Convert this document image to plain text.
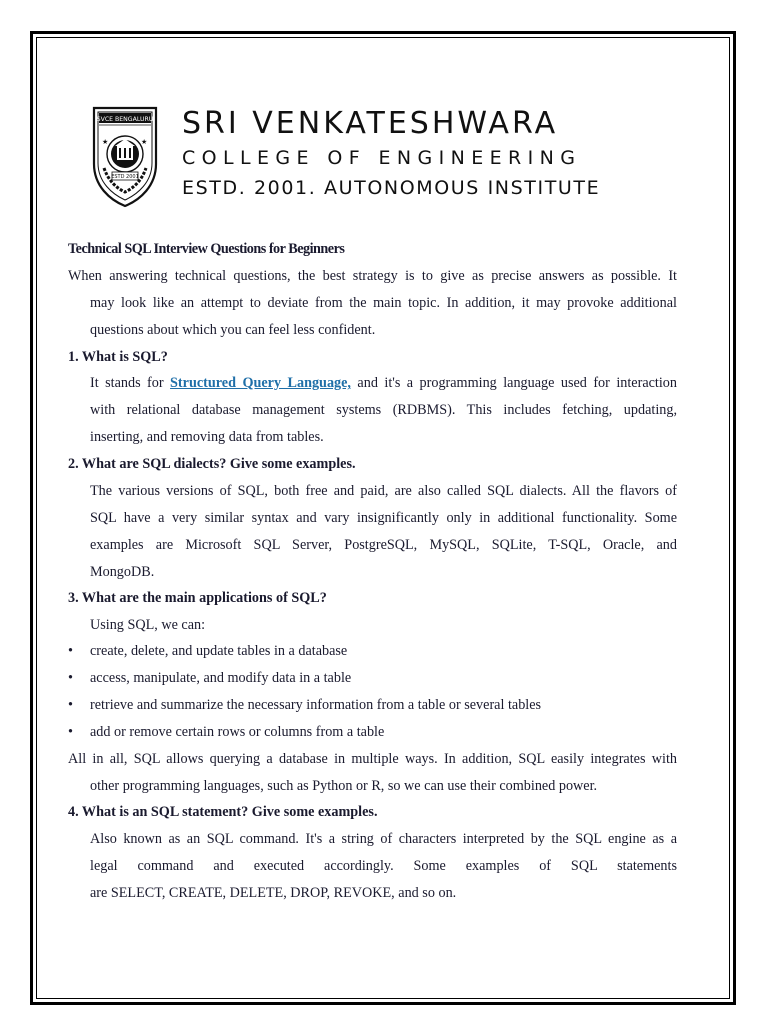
SVCE BENGALURU
★	★
ESTD 2001
SRI VENKATESHWARA
COLLEGE OF ENGINEERING
ESTD. 2001. AUTONOMOUS INSTITUTE
Technical SQL Interview Questions for Beginners
When answering technical questions, the best strategy is to give as precise answers as possible. It
may look like an attempt to deviate from the main topic. In addition, it may provoke additional
questions about which you can feel less confident.
1. What is SQL?
It stands for Structured Query Language, and it's a programming language used for interaction
with relational database management systems (RDBMS). This includes fetching, updating,
inserting, and removing data from tables.
2. What are SQL dialects? Give some examples.
The various versions of SQL, both free and paid, are also called SQL dialects. All the flavors of
SQL have a very similar syntax and vary insignificantly only in additional functionality. Some
examples are Microsoft SQL Server, PostgreSQL, MySQL, SQLite, T-SQL, Oracle, and
MongoDB.
3. What are the main applications of SQL?
Using SQL, we can:
• create, delete, and update tables in a database
• access, manipulate, and modify data in a table
• retrieve and summarize the necessary information from a table or several tables
• add or remove certain rows or columns from a table
All in all, SQL allows querying a database in multiple ways. In addition, SQL easily integrates with
other programming languages, such as Python or R, so we can use their combined power.
4. What is an SQL statement? Give some examples.
Also known as an SQL command. It's a string of characters interpreted by the SQL engine as a
legal command and executed accordingly. Some examples of SQL statements
are SELECT, CREATE, DELETE, DROP, REVOKE, and so on.
